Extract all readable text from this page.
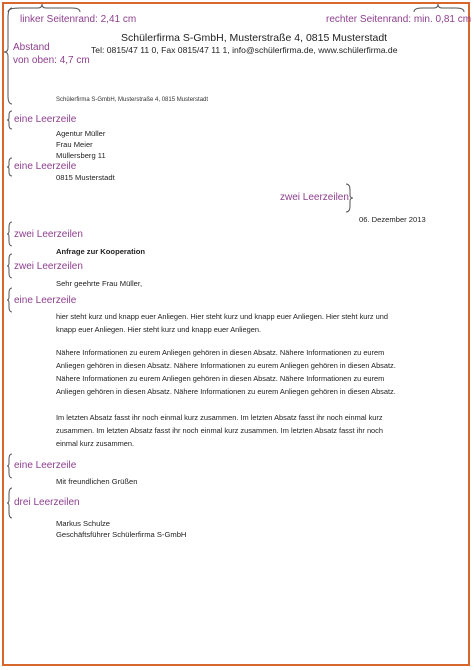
linker Seitenrand: 2,41 cm	rechter Seitenrand: min. 0,81 cm
Abstand
von oben: 4,7 cm
eine Leerzeile
eine Leerzeile
zwei Leerzeilen
zwei Leerzeilen
zwei Leerzeilen
eine Leerzeile
eine Leerzeile
drei Leerzeilen
Schülerfirma S-GmbH, Musterstraße 4, 0815 Musterstadt
Tel: 0815/47 11 0, Fax 0815/47 11 1, info@schülerfirma.de, www.schülerfirma.de
Schülerfirma S-GmbH, Musterstraße 4, 0815 Musterstadt
Agentur Müller
Frau Meier
Müllersberg 11
0815 Musterstadt
06. Dezember 2013
Anfrage zur Kooperation
Sehr geehrte Frau Müller,
hier steht kurz und knapp euer Anliegen. Hier steht kurz und knapp euer Anliegen. Hier steht kurz und
knapp euer Anliegen. Hier steht kurz und knapp euer Anliegen.
Nähere Informationen zu eurem Anliegen gehören in diesen Absatz. Nähere Informationen zu eurem
Anliegen gehören in diesen Absatz. Nähere Informationen zu eurem Anliegen gehören in diesen Absatz.
Nähere Informationen zu eurem Anliegen gehören in diesen Absatz. Nähere Informationen zu eurem
Anliegen gehören in diesen Absatz. Nähere Informationen zu eurem Anliegen gehören in diesen Absatz.
Im letzten Absatz fasst ihr noch einmal kurz zusammen. Im letzten Absatz fasst ihr noch einmal kurz
zusammen. Im letzten Absatz fasst ihr noch einmal kurz zusammen. Im letzten Absatz fasst ihr noch
einmal kurz zusammen.
Mit freundlichen Grüßen
Markus Schulze
Geschäftsführer Schülerfirma S-GmbH
